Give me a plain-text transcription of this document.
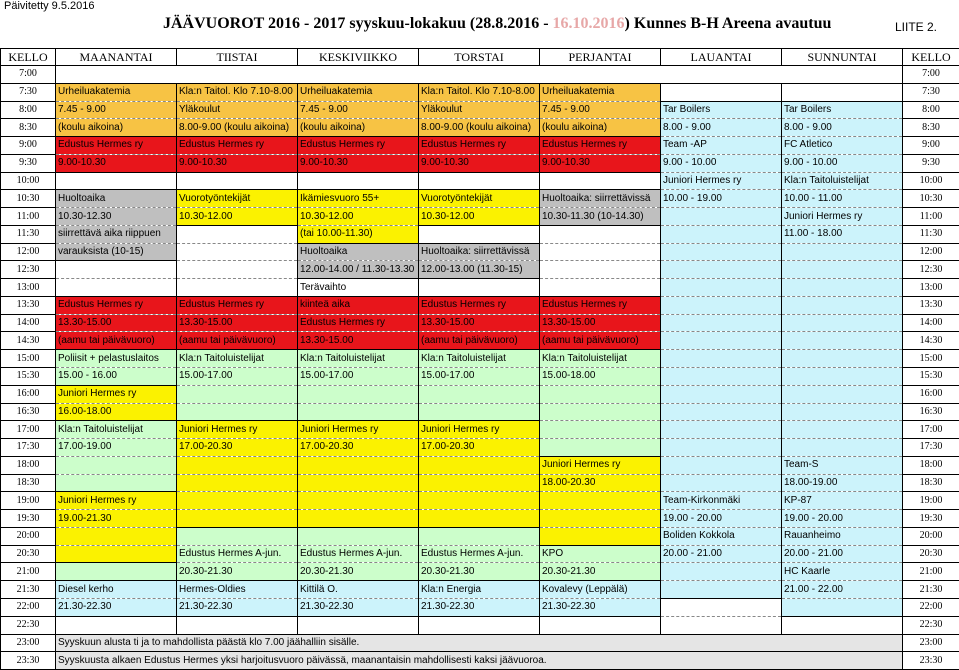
Päivitetty 9.5.2016
JÄÄVUOROT 2016 - 2017 syyskuu-lokakuu (28.8.2016 - 16.10.2016) Kunnes B-H Areena avautuu	LIITE 2.
KELLO	MAANANTAI	TIISTAI	KESKIVIIKKO	TORSTAI	PERJANTAI	LAUANTAI	SUNNUNTAI	KELLO
7:00								7:00
7:30	Urheiluakatemia	Kla:n Taitol. Klo 7.10-8.00	Urheiluakatemia	Kla:n Taitol. Klo 7.10-8.00	Urheiluakatemia			7:30
8:00	7.45 - 9.00	Yläkoulut	7.45 - 9.00	Yläkoulut	7.45 - 9.00	Tar Boilers	Tar Boilers	8:00
8:30	(koulu aikoina)	8.00-9.00 (koulu aikoina)	(koulu aikoina)	8.00-9.00 (koulu aikoina)	(koulu aikoina)	8.00 - 9.00	8.00 - 9.00	8:30
9:00	Edustus Hermes ry	Edustus Hermes ry	Edustus Hermes ry	Edustus Hermes ry	Edustus Hermes ry	Team -AP	FC Atletico	9:00
9:30	9.00-10.30	9.00-10.30	9.00-10.30	9.00-10.30	9.00-10.30	9.00 - 10.00	9.00 - 10.00	9:30
10:00						Juniori Hermes ry	Kla:n Taitoluistelijat	10:00
10:30	Huoltoaika	Vuorotyöntekijät	Ikämiesvuoro 55+	Vuorotyöntekijät	Huoltoaika: siirrettävissä	10.00 - 19.00	10.00 - 11.00	10:30
11:00	10.30-12.30	10.30-12.00	10.30-12.00	10.30-12.00	10.30-11.30 (10-14.30)		Juniori Hermes ry	11:00
11:30	siirrettävä aika riippuen		(tai 10.00-11.30)				11.00 - 18.00	11:30
12:00	varauksista (10-15)		Huoltoaika	Huoltoaika: siirrettävissä				12:00
12:30			12.00-14.00 / 11.30-13.30	12.00-13.00 (11.30-15)				12:30
13:00			Terävaihto					13:00
13:30	Edustus Hermes ry	Edustus Hermes ry	kiinteä aika	Edustus Hermes ry	Edustus Hermes ry			13:30
14:00	13.30-15.00	13.30-15.00	Edustus Hermes ry	13.30-15.00	13.30-15.00			14:00
14:30	(aamu tai päivävuoro)	(aamu tai päivävuoro)	13.30-15.00	(aamu tai päivävuoro)	(aamu tai päivävuoro)			14:30
15:00	Poliisit + pelastuslaitos	Kla:n Taitoluistelijat	Kla:n Taitoluistelijat	Kla:n Taitoluistelijat	Kla:n Taitoluistelijat			15:00
15:30	15.00 - 16.00	15.00-17.00	15.00-17.00	15.00-17.00	15.00-18.00			15:30
16:00	Juniori Hermes ry							16:00
16:30	16.00-18.00							16:30
17:00	Kla:n Taitoluistelijat	Juniori Hermes ry	Juniori Hermes ry	Juniori Hermes ry				17:00
17:30	17.00-19.00	17.00-20.30	17.00-20.30	17.00-20.30				17:30
18:00					Juniori Hermes ry		Team-S	18:00
18:30					18.00-20.30		18.00-19.00	18:30
19:00	Juniori Hermes ry					Team-Kirkonmäki	KP-87	19:00
19:30	19.00-21.30					19.00 - 20.00	19.00 - 20.00	19:30
20:00						Boliden Kokkola	Rauanheimo	20:00
20:30		Edustus Hermes A-jun.	Edustus Hermes A-jun.	Edustus Hermes A-jun.	KPO	20.00 - 21.00	20.00 - 21.00	20:30
21:00		20.30-21.30	20.30-21.30	20.30-21.30	20.30-21.30		HC Kaarle	21:00
21:30	Diesel kerho	Hermes-Oldies	Kittilä O.	Kla:n Energia	Kovalevy (Leppälä)		21.00 - 22.00	21:30
22:00	21.30-22.30	21.30-22.30	21.30-22.30	21.30-22.30	21.30-22.30			22:00
22:30								22:30
23:00	Syyskuun alusta ti ja to mahdollista päästä klo 7.00 jäähalliin sisälle.							23:00
23:30	Syyskuusta alkaen Edustus Hermes yksi harjoitusvuoro päivässä, maanantaisin mahdollisesti kaksi jäävuoroa.							23:30
